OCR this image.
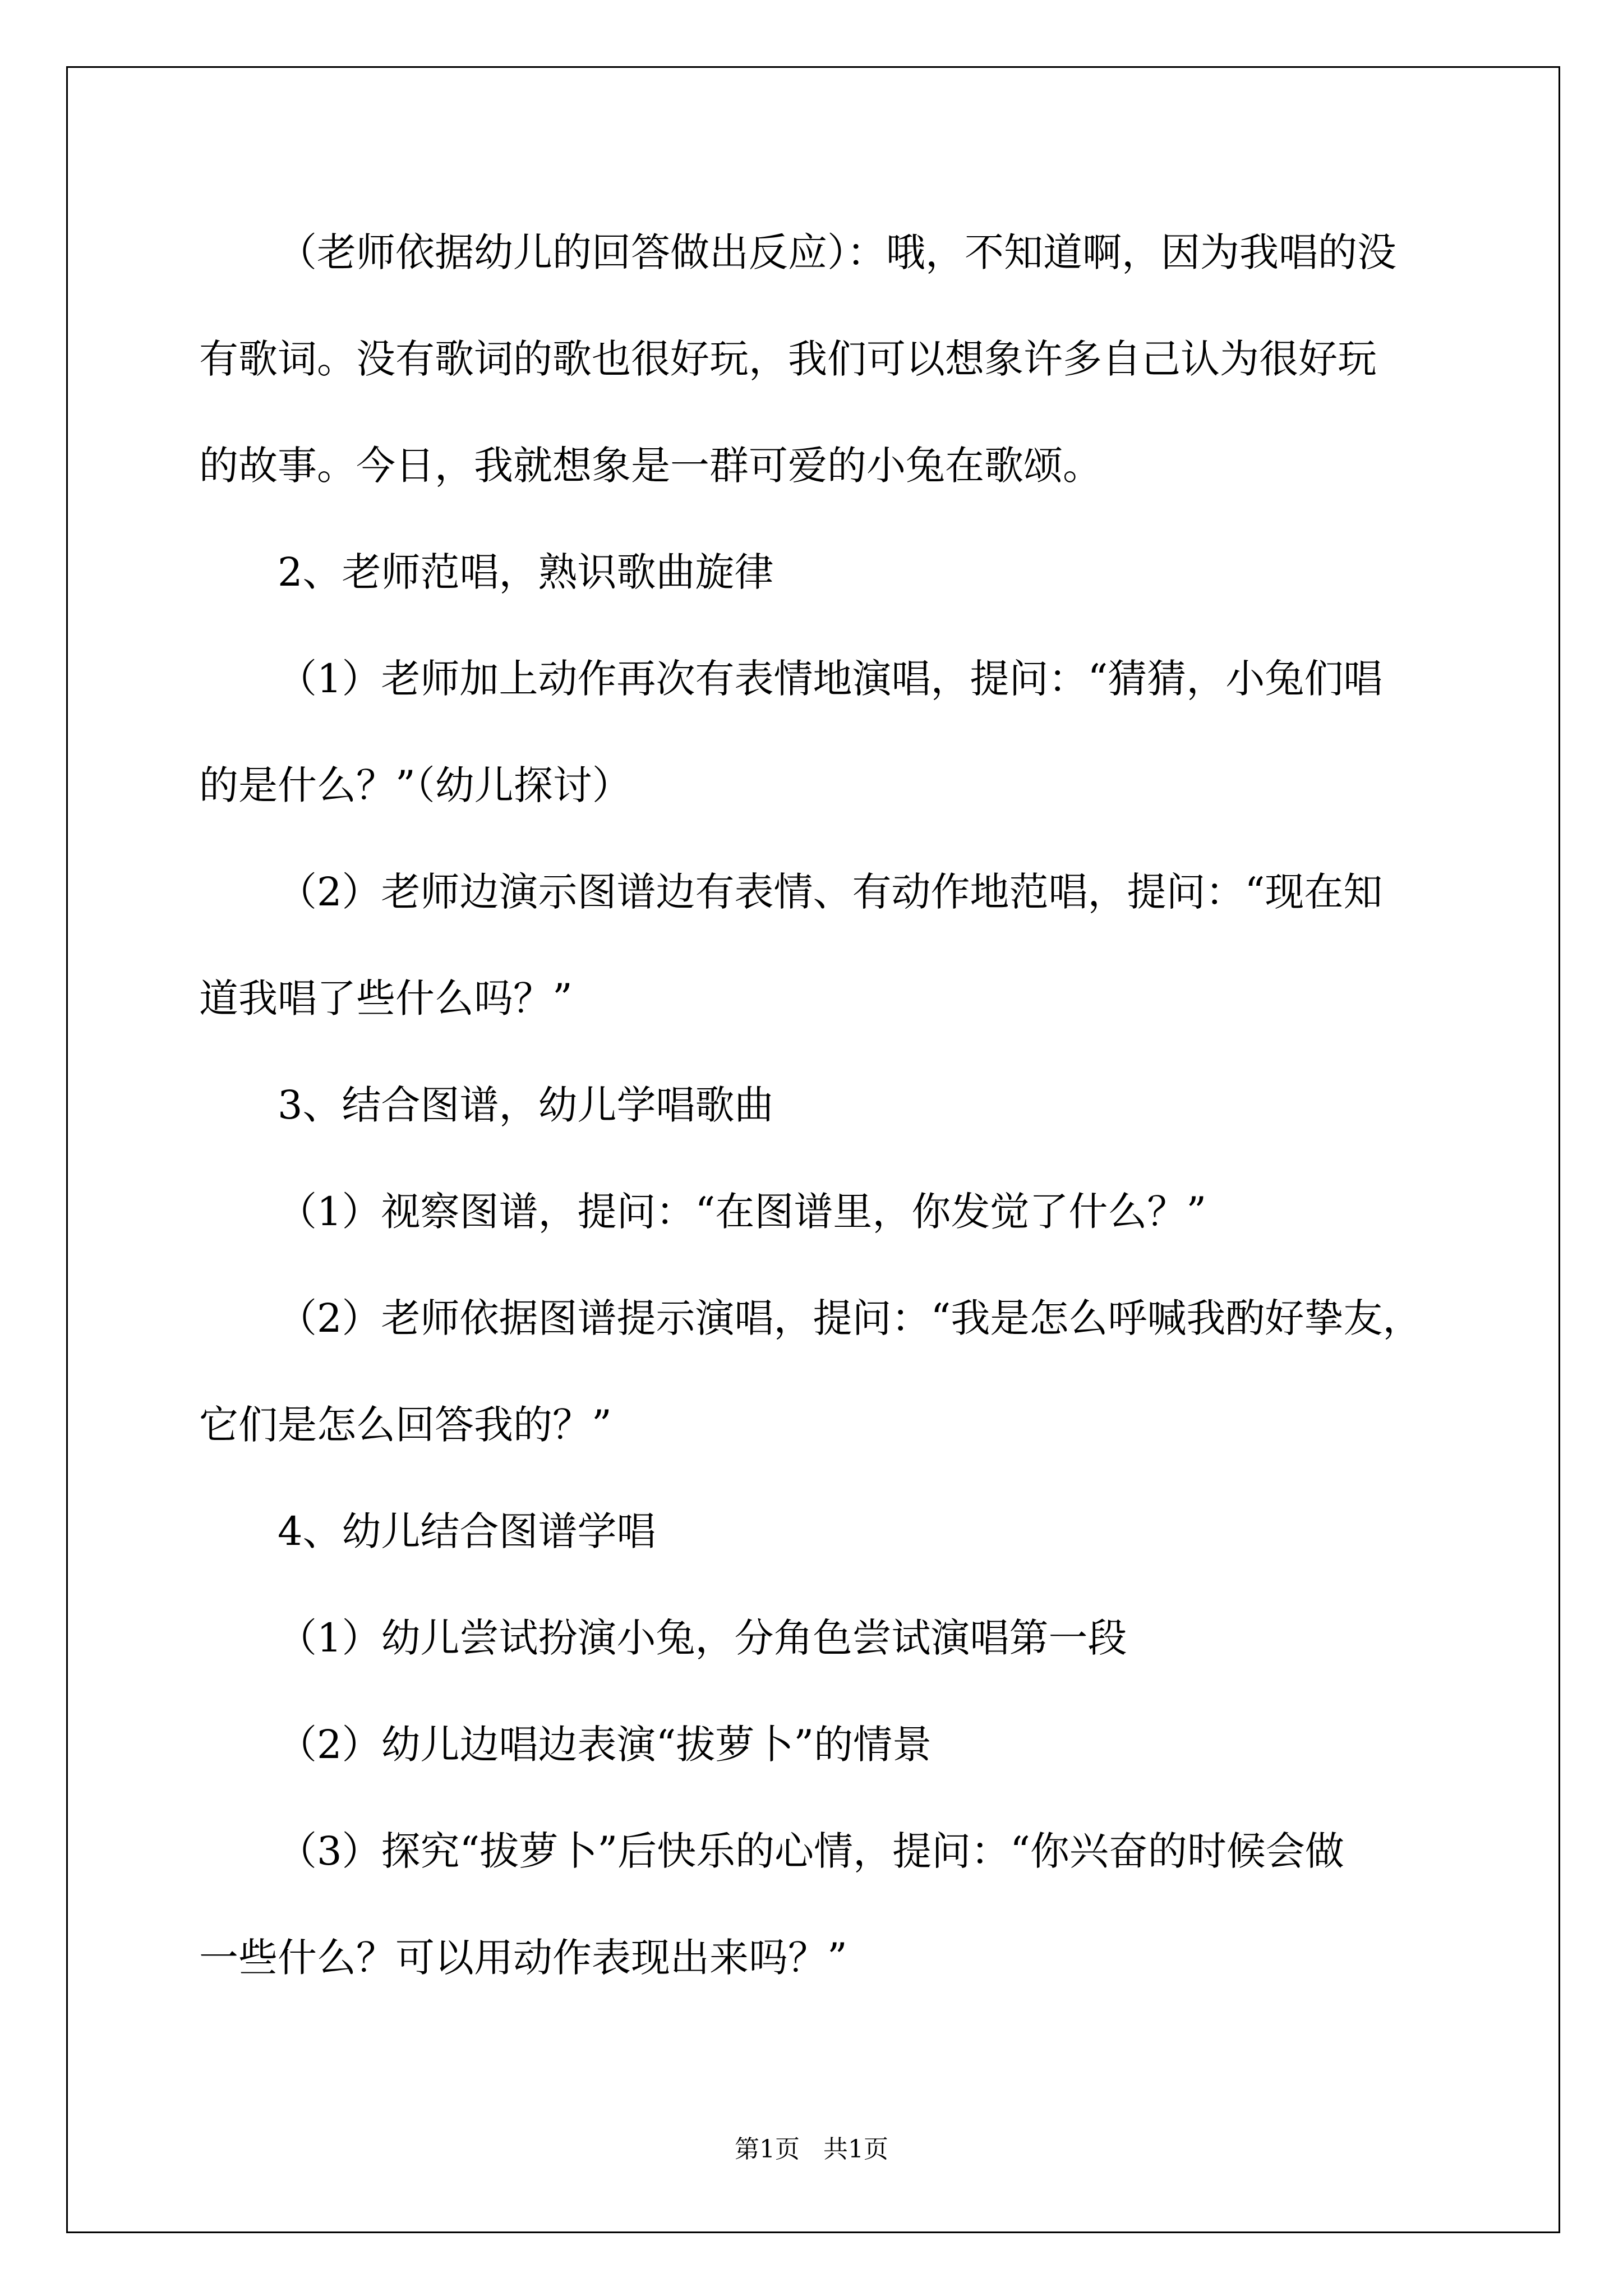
（老师依据幼儿的回答做出反应）：哦，不知道啊，因为我唱的没
有歌词。没有歌词的歌也很好玩，我们可以想象许多自己认为很好玩
的故事。今日，我就想象是一群可爱的小兔在歌颂。
2、老师范唱，熟识歌曲旋律
（1）老师加上动作再次有表情地演唱，提问：“猜猜，小兔们唱
的是什么？”（幼儿探讨）
（2）老师边演示图谱边有表情、有动作地范唱，提问：“现在知
道我唱了些什么吗？”
3、结合图谱，幼儿学唱歌曲
（1）视察图谱，提问：“在图谱里，你发觉了什么？”
（2）老师依据图谱提示演唱，提问：“我是怎么呼喊我酌好挚友，
它们是怎么回答我的？”
4、幼儿结合图谱学唱
（1）幼儿尝试扮演小兔，分角色尝试演唱第一段
（2）幼儿边唱边表演“拔萝卜”的情景
（3）探究“拔萝卜”后快乐的心情，提问：“你兴奋的时候会做
一些什么？可以用动作表现出来吗？”
第1页   共1页
